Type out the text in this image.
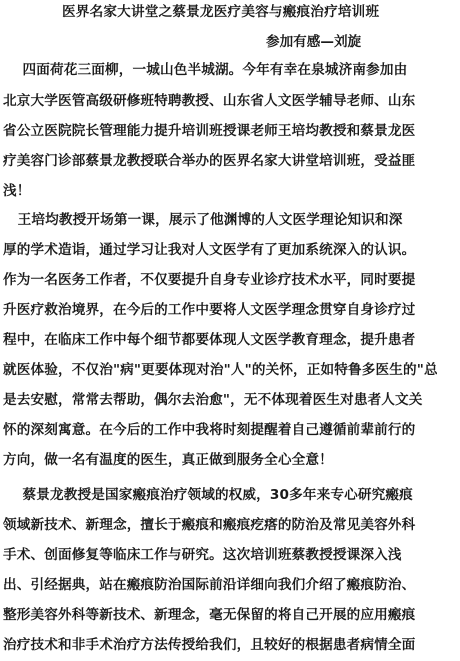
医界名家大讲堂之蔡景龙医疗美容与瘢痕治疗培训班
参加有感—刘旋
四面荷花三面柳，一城山色半城湖。今年有幸在泉城济南参加由
北京大学医管高级研修班特聘教授、山东省人文医学辅导老师、山东
省公立医院院长管理能力提升培训班授课老师王培均教授和蔡景龙医
疗美容门诊部蔡景龙教授联合举办的医界名家大讲堂培训班，受益匪
浅！
王培均教授开场第一课，展示了他渊博的人文医学理论知识和深
厚的学术造诣，通过学习让我对人文医学有了更加系统深入的认识。
作为一名医务工作者，不仅要提升自身专业诊疗技术水平，同时要提
升医疗救治境界，在今后的工作中要将人文医学理念贯穿自身诊疗过
程中，在临床工作中每个细节都要体现人文医学教育理念，提升患者
就医体验，不仅治"病"更要体现对治"人"的关怀，正如特鲁多医生的"总
是去安慰，常常去帮助，偶尔去治愈"，无不体现着医生对患者人文关
怀的深刻寓意。在今后的工作中我将时刻提醒着自己遵循前辈前行的
方向，做一名有温度的医生，真正做到服务全心全意！
蔡景龙教授是国家瘢痕治疗领域的权威，30多年来专心研究瘢痕
领域新技术、新理念，擅长于瘢痕和瘢痕疙瘩的防治及常见美容外科
手术、创面修复等临床工作与研究。这次培训班蔡教授授课深入浅
出、引经据典，站在瘢痕防治国际前沿详细向我们介绍了瘢痕防治、
整形美容外科等新技术、新理念，毫无保留的将自己开展的应用瘢痕
治疗技术和非手术治疗方法传授给我们，且较好的根据患者病情全面
